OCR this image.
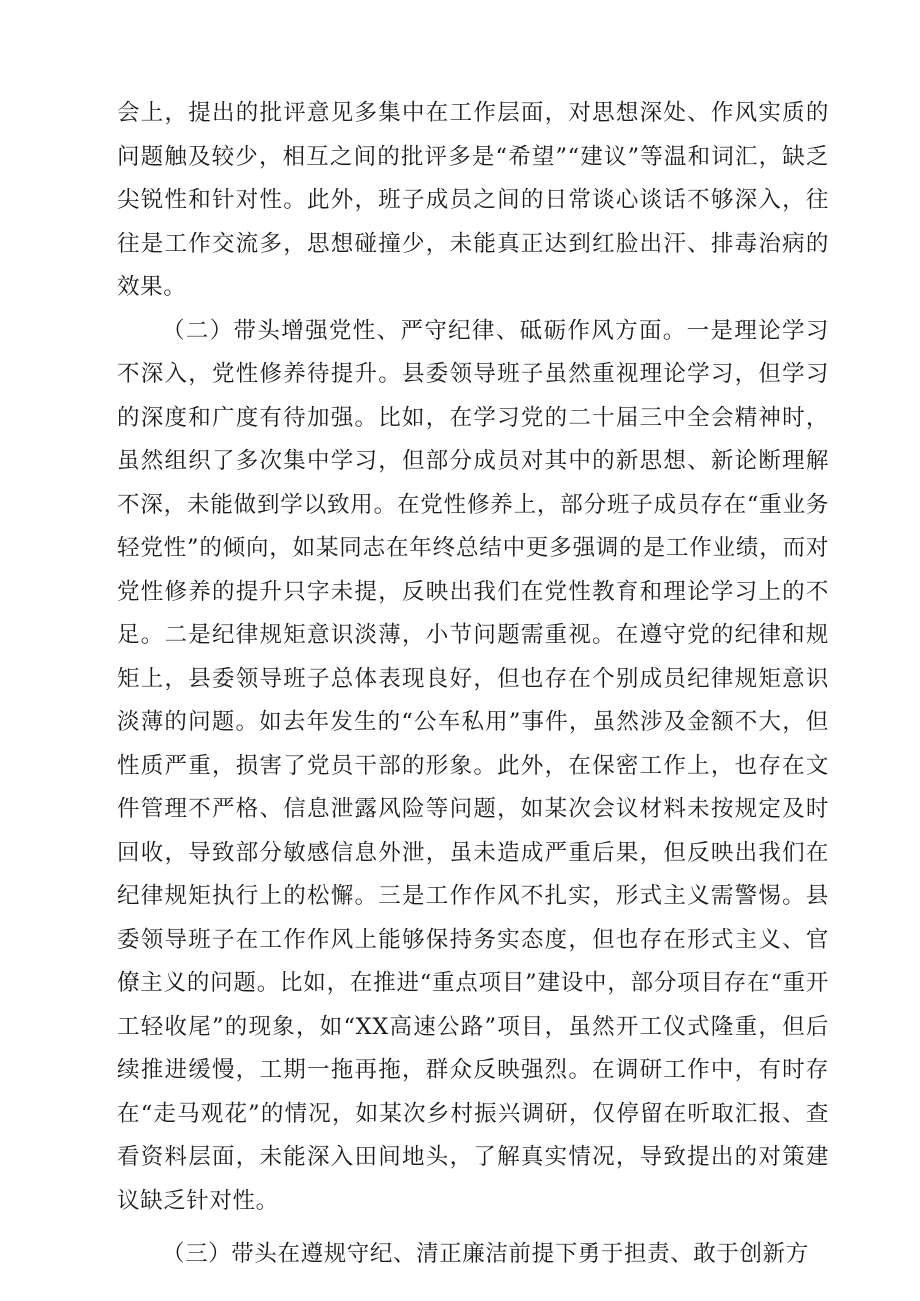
会上，提出的批评意见多集中在工作层面，对思想深处、作风实质的问题触及较少，相互之间的批评多是“希望”“建议”等温和词汇，缺乏尖锐性和针对性。此外，班子成员之间的日常谈心谈话不够深入，往往是工作交流多，思想碰撞少，未能真正达到红脸出汗、排毒治病的效果。

（二）带头增强党性、严守纪律、砥砺作风方面。一是理论学习不深入，党性修养待提升。县委领导班子虽然重视理论学习，但学习的深度和广度有待加强。比如，在学习党的二十届三中全会精神时，虽然组织了多次集中学习，但部分成员对其中的新思想、新论断理解不深，未能做到学以致用。在党性修养上，部分班子成员存在“重业务轻党性”的倾向，如某同志在年终总结中更多强调的是工作业绩，而对党性修养的提升只字未提，反映出我们在党性教育和理论学习上的不足。二是纪律规矩意识淡薄，小节问题需重视。在遵守党的纪律和规矩上，县委领导班子总体表现良好，但也存在个别成员纪律规矩意识淡薄的问题。如去年发生的“公车私用”事件，虽然涉及金额不大，但性质严重，损害了党员干部的形象。此外，在保密工作上，也存在文件管理不严格、信息泄露风险等问题，如某次会议材料未按规定及时回收，导致部分敏感信息外泄，虽未造成严重后果，但反映出我们在纪律规矩执行上的松懈。三是工作作风不扎实，形式主义需警惕。县委领导班子在工作作风上能够保持务实态度，但也存在形式主义、官僚主义的问题。比如，在推进“重点项目”建设中，部分项目存在“重开工轻收尾”的现象，如“XX高速公路”项目，虽然开工仪式隆重，但后续推进缓慢，工期一拖再拖，群众反映强烈。在调研工作中，有时存在“走马观花”的情况，如某次乡村振兴调研，仅停留在听取汇报、查看资料层面，未能深入田间地头，了解真实情况，导致提出的对策建议缺乏针对性。

（三）带头在遵规守纪、清正廉洁前提下勇于担责、敢于创新方
